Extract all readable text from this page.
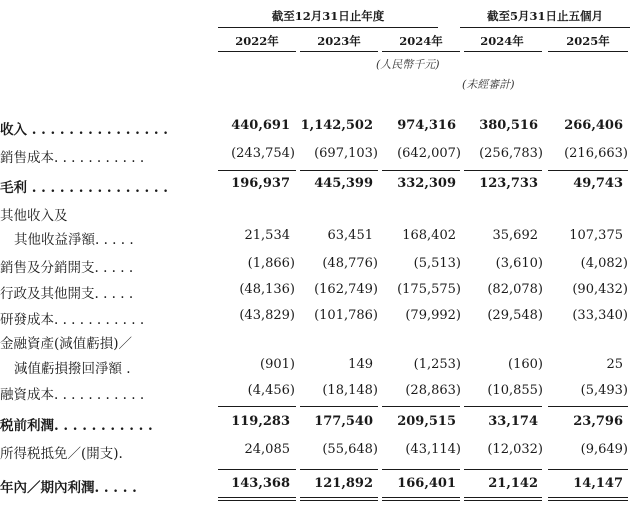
截至12月31日止年度	截至5月31日止五個月
2022年	2023年	2024年	2024年	2025年
(人民幣千元)
(未經審計)
收入 . . . . . . . . . . . . . . .	440,691 1,142,502 974,316 380,516 266,406
銷售成本. . . . . . . . . . .	(243,754) (697,103) (642,007) (256,783) (216,663)
毛利 . . . . . . . . . . . . . . .	196,937 445,399 332,309 123,733	49,743
其他收入及
其他收益淨額. . . . .	21,534	63,451 168,402	35,692 107,375
銷售及分銷開支. . . . .	(1,866) (48,776)	(5,513)	(3,610)	(4,082)
行政及其他開支. . . . .	(48,136) (162,749) (175,575) (82,078) (90,432)
研發成本. . . . . . . . . . .	(43,829) (101,786) (79,992) (29,548) (33,340)
金融資產(減值虧損)／
減值虧損撥回淨額 .	(901)	149	(1,253)	(160)	25
融資成本. . . . . . . . . . .	(4,456) (18,148) (28,863) (10,855)	(5,493)
税前利潤. . . . . . . . . . .	119,283 177,540 209,515 33,174	23,796
所得税抵免／(開支).	24,085 (55,648) (43,114) (12,032)	(9,649)
年內／期內利潤. . . . .	143,368 121,892 166,401 21,142	14,147
